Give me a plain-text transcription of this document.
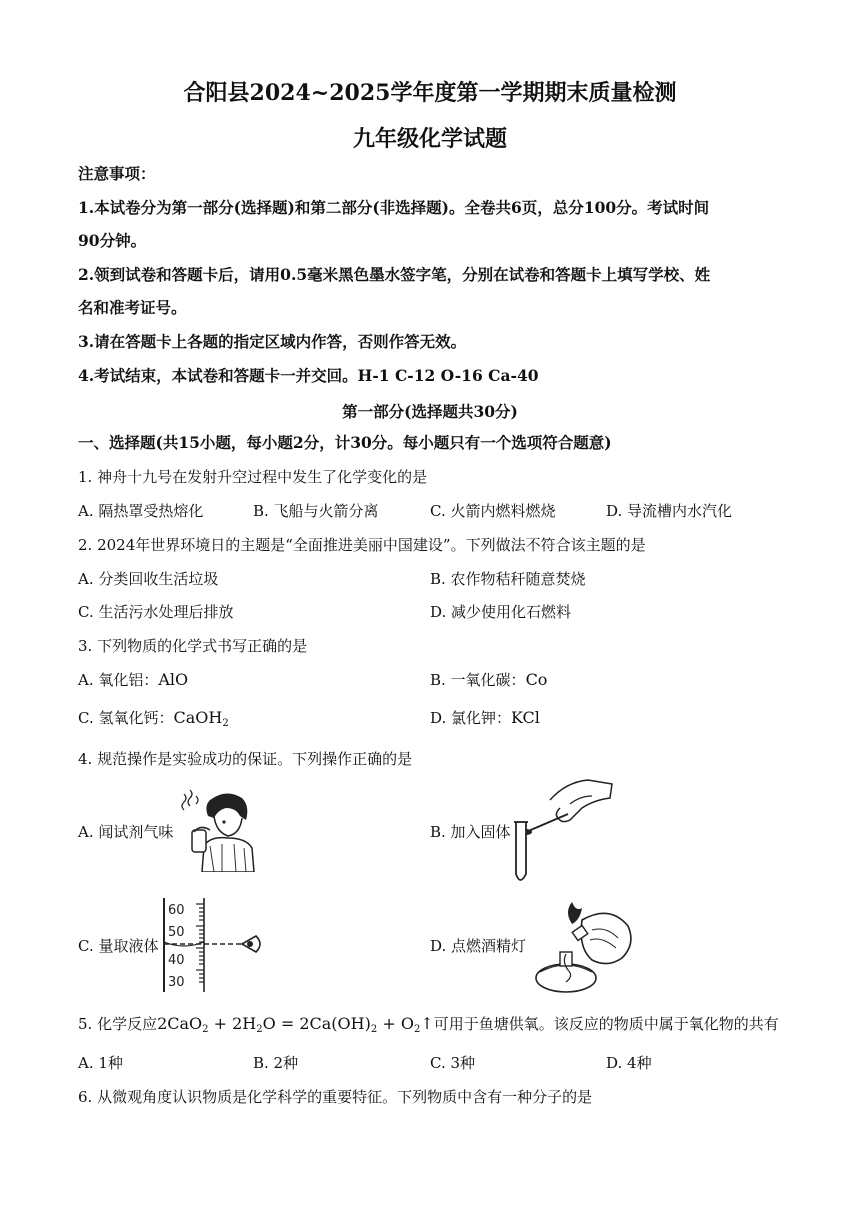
合阳县2024~2025学年度第一学期期末质量检测
九年级化学试题
注意事项：
1.本试卷分为第一部分(选择题)和第二部分(非选择题)。全卷共6页，总分100分。考试时间
90分钟。
2.领到试卷和答题卡后，请用0.5毫米黑色墨水签字笔，分别在试卷和答题卡上填写学校、姓
名和准考证号。
3.请在答题卡上各题的指定区域内作答，否则作答无效。
4.考试结束，本试卷和答题卡一并交回。H-1 C-12 O-16 Ca-40
第一部分(选择题共30分)
一、选择题(共15小题，每小题2分，计30分。每小题只有一个选项符合题意)
1. 神舟十九号在发射升空过程中发生了化学变化的是
A. 隔热罩受热熔化	B. 飞船与火箭分离	C. 火箭内燃料燃烧	D. 导流槽内水汽化
2. 2024年世界环境日的主题是“全面推进美丽中国建设”。下列做法不符合该主题的是
A. 分类回收生活垃圾	B. 农作物秸秆随意焚烧
C. 生活污水处理后排放	D. 减少使用化石燃料
3. 下列物质的化学式书写正确的是
A. 氧化铝：AlO	B. 一氧化碳：Co
C. 氢氧化钙：CaOH$_2$	D. 氯化钾：KCl
4. 规范操作是实验成功的保证。下列操作正确的是
A. 闻试剂气味	B. 加入固体
C. 量取液体
60
50
40
30
D. 点燃酒精灯
5. 化学反应$2CaO_2 + 2H_2O = 2Ca(OH)_2$ + $O_2↑$可用于鱼塘供氧。该反应的物质中属于氧化物的共有
A. 1种	B. 2种	C. 3种	D. 4种
6. 从微观角度认识物质是化学科学的重要特征。下列物质中含有一种分子的是
